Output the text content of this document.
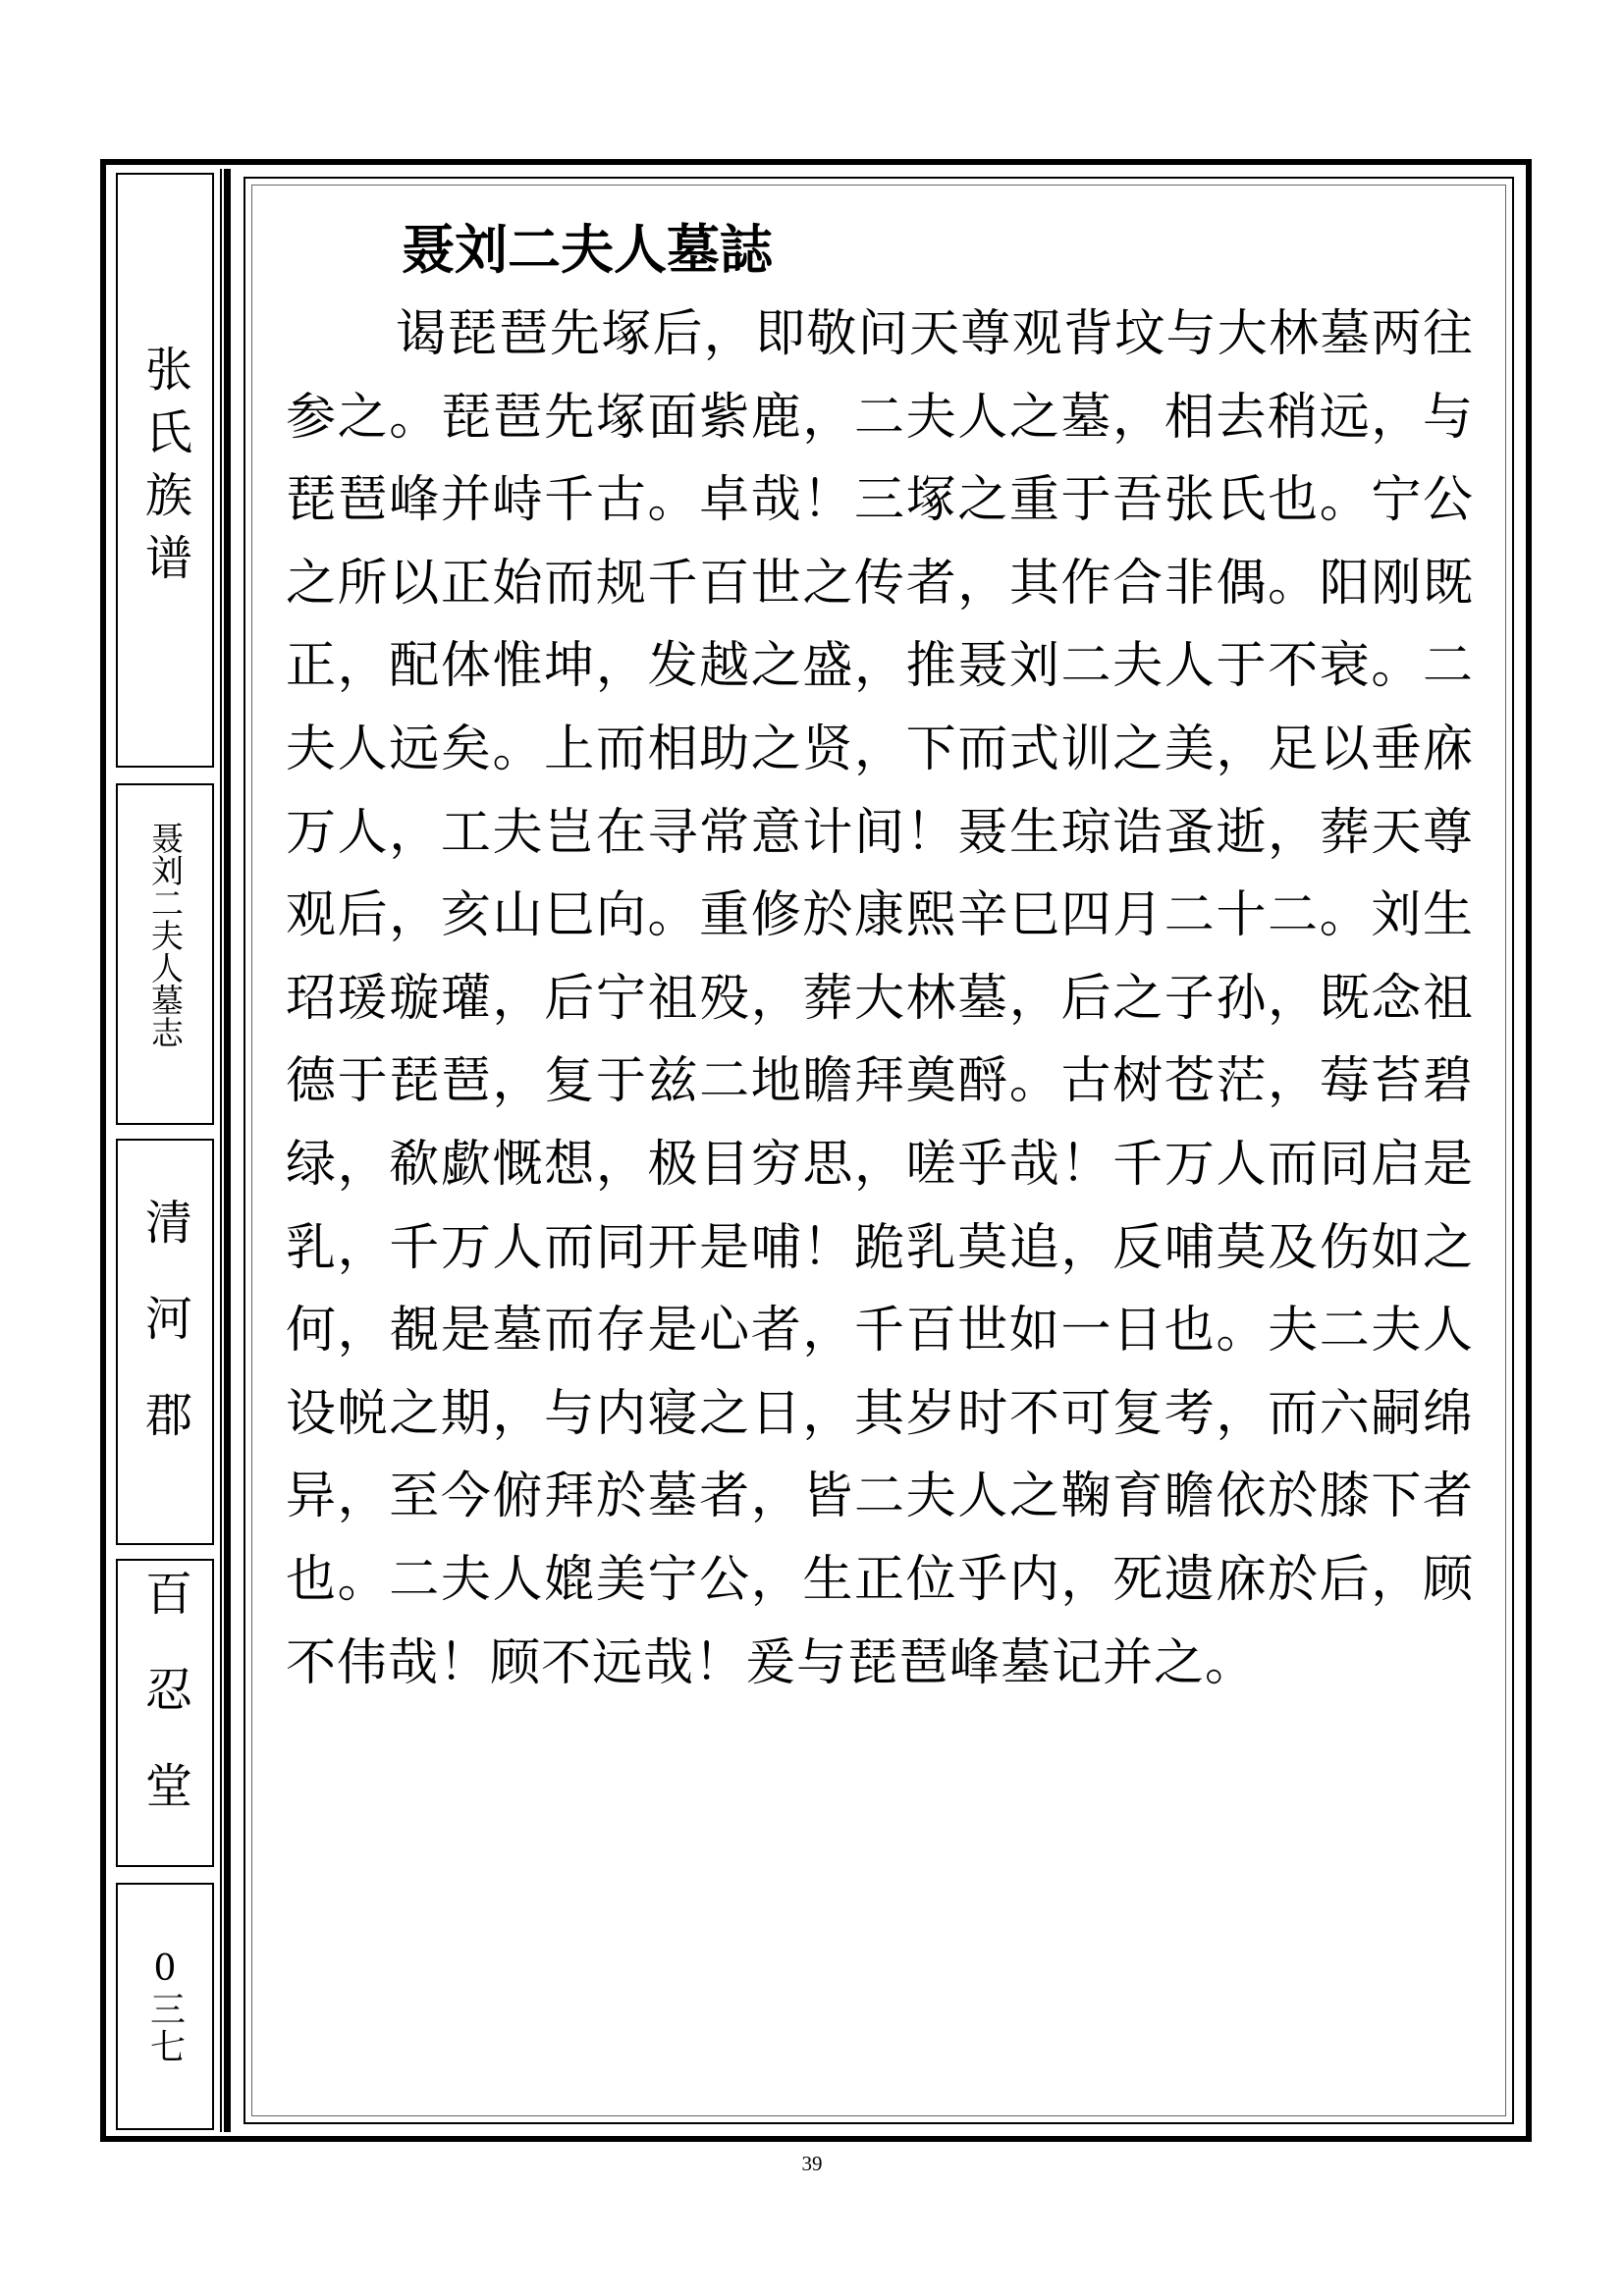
张氏族谱
聂刘二夫人墓志
清河郡
百忍堂
0三七
聂刘二夫人墓誌

谒琵琶先塚后，即敬问天尊观背坟与大林墓两往参之。琵琶先塚面紫鹿，二夫人之墓，相去稍远，与琵琶峰并峙千古。卓哉！三塚之重于吾张氏也。宁公之所以正始而规千百世之传者，其作合非偶。阳刚既正，配体惟坤，发越之盛，推聂刘二夫人于不衰。二夫人远矣。上而相助之贤，下而式训之美，足以垂庥万人，工夫岂在寻常意计间！聂生琼诰蚤逝，葬天尊观后，亥山巳向。重修於康熙辛巳四月二十二。刘生玿瑗璇瓘，后宁祖殁，葬大林墓，后之子孙，既念祖德于琵琶，复于兹二地瞻拜奠酹。古树苍茫，莓苔碧绿，欷歔慨想，极目穷思，嗟乎哉！千万人而同启是乳，千万人而同开是哺！跪乳莫追，反哺莫及伤如之何，覩是墓而存是心者，千百世如一日也。夫二夫人设帨之期，与内寝之日，其岁时不可复考，而六嗣绵异，至今俯拜於墓者，皆二夫人之鞠育瞻依於膝下者也。二夫人媲美宁公，生正位乎内，死遗庥於后，顾不伟哉！顾不远哉！爰与琵琶峰墓记并之。

39
